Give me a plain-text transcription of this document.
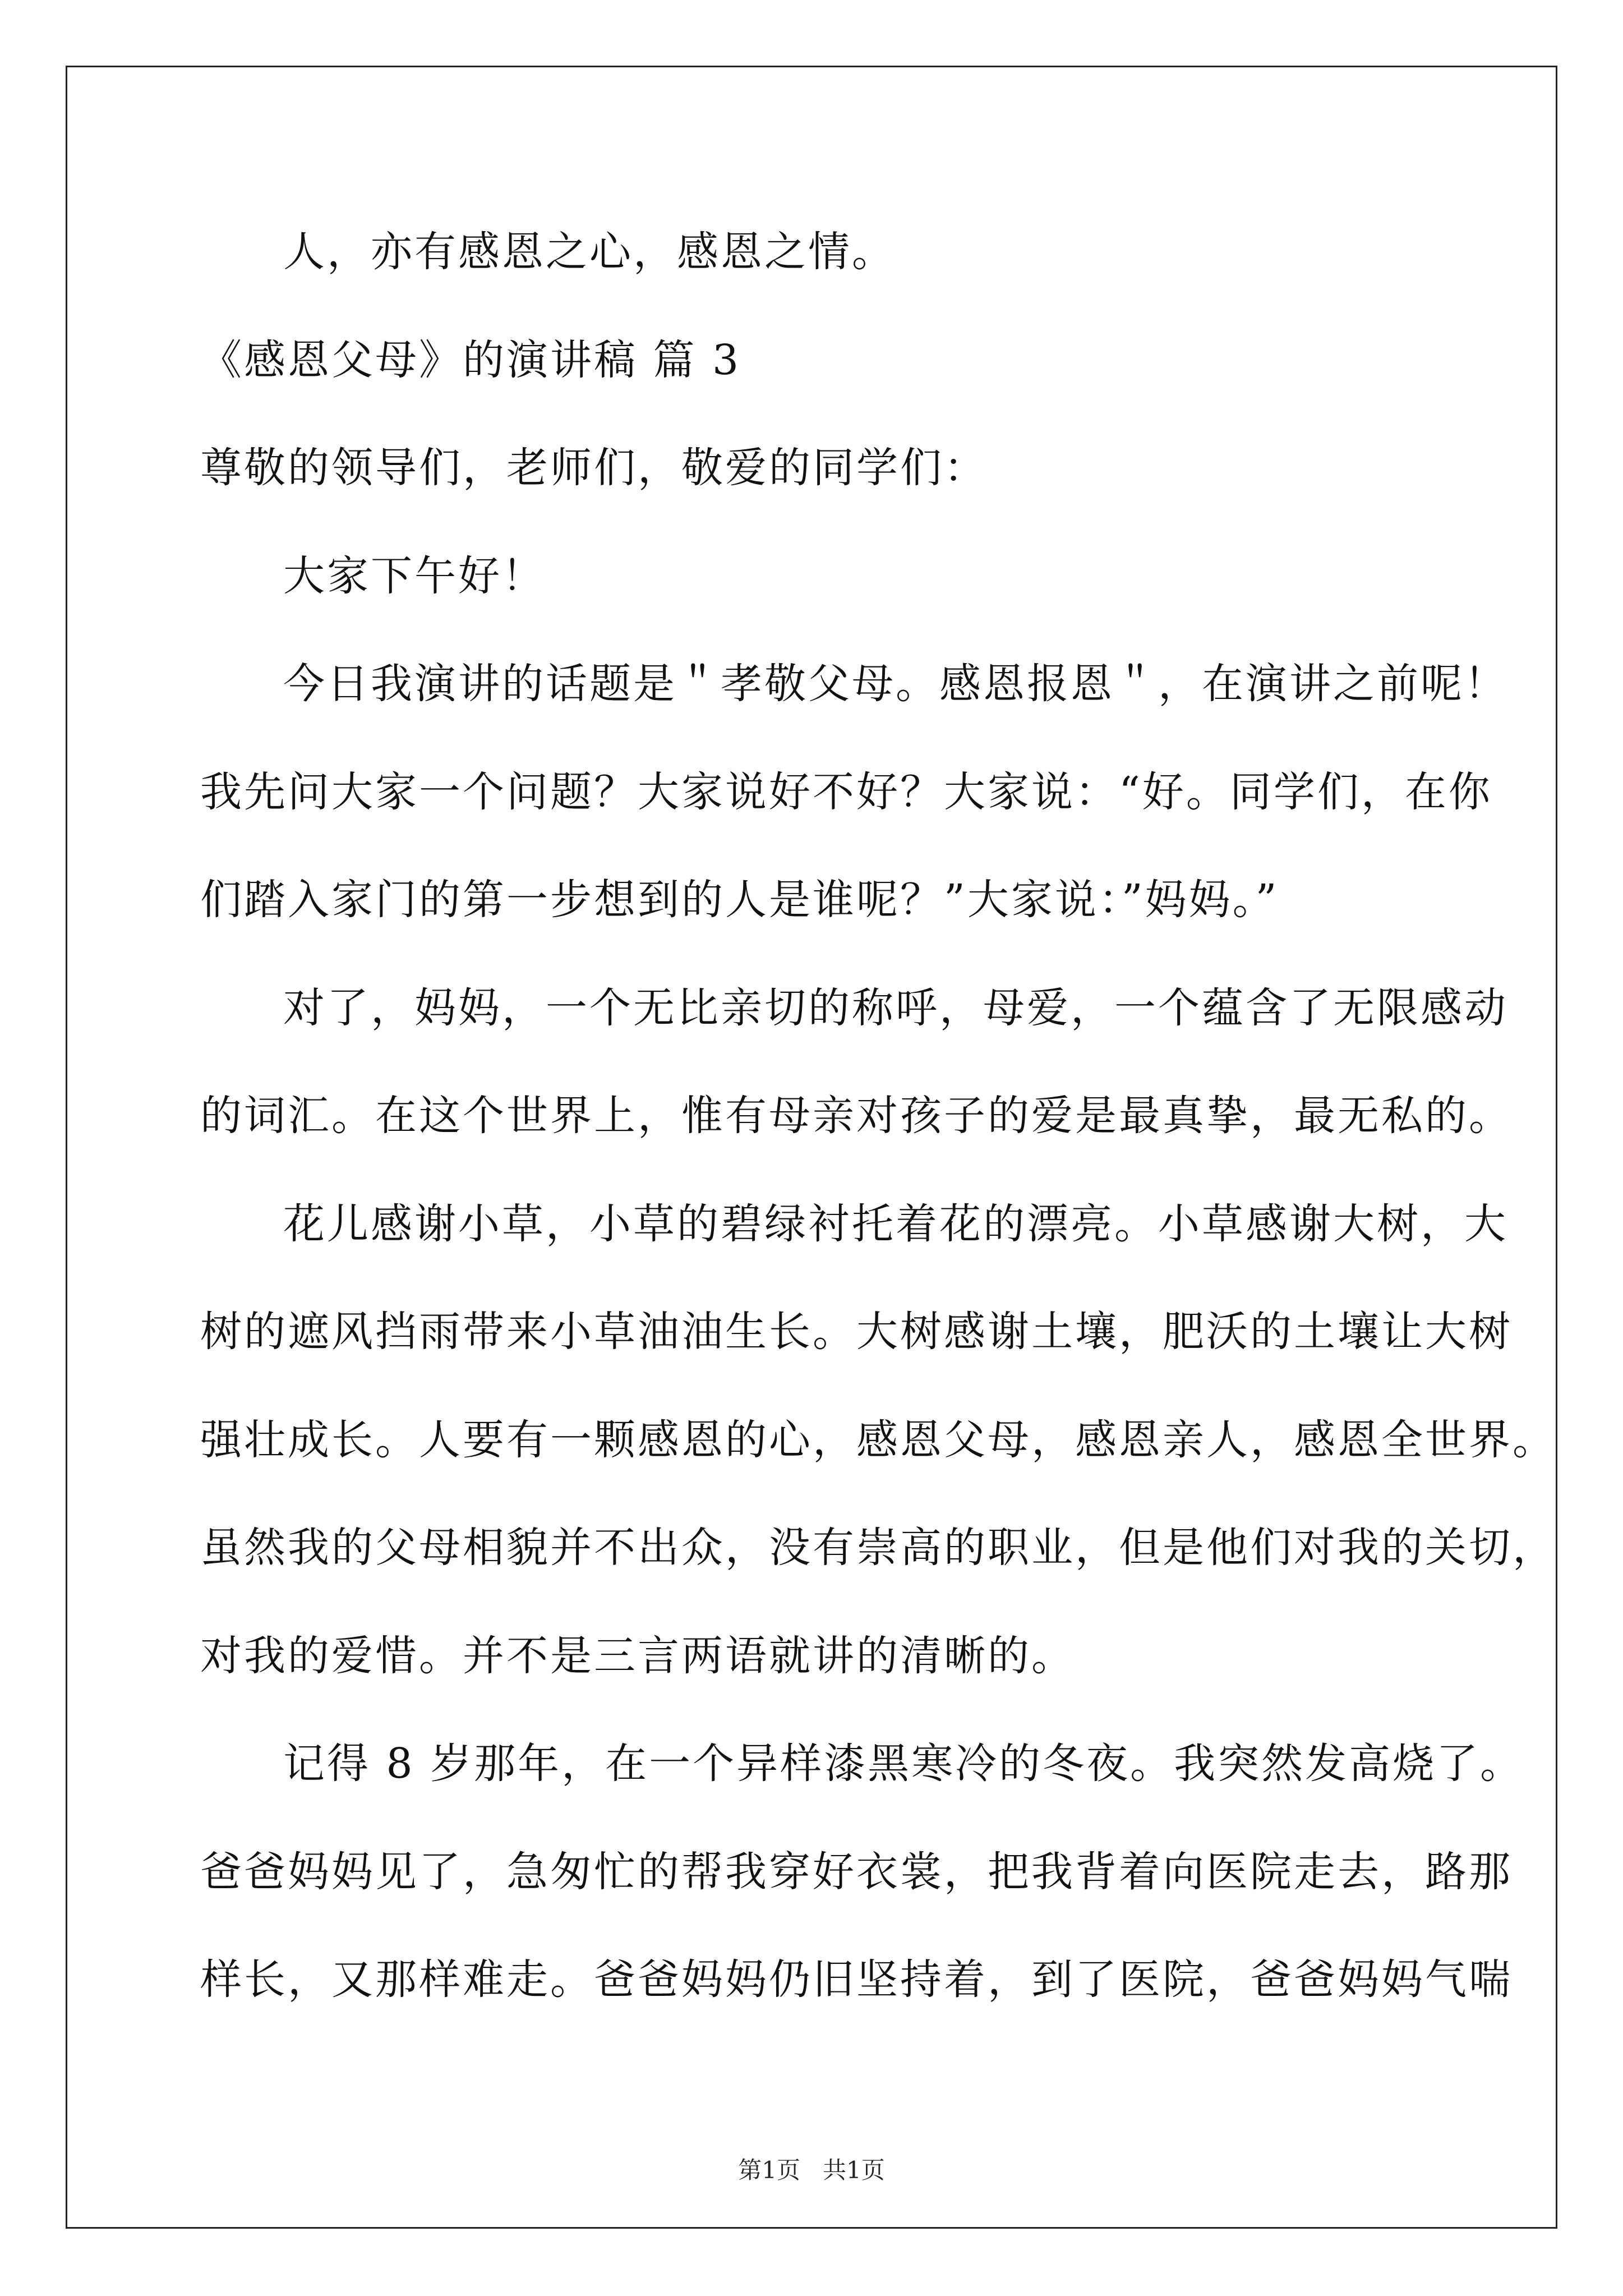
人，亦有感恩之心，感恩之情。
《感恩父母》的演讲稿 篇 3
尊敬的领导们，老师们，敬爱的同学们：
大家下午好！
今日我演讲的话题是＂孝敬父母。感恩报恩＂，在演讲之前呢！
我先问大家一个问题？大家说好不好？大家说：“好。同学们，在你
们踏入家门的第一步想到的人是谁呢？”大家说：”妈妈。”
对了，妈妈，一个无比亲切的称呼，母爱，一个蕴含了无限感动
的词汇。在这个世界上，惟有母亲对孩子的爱是最真挚，最无私的。
花儿感谢小草，小草的碧绿衬托着花的漂亮。小草感谢大树，大
树的遮风挡雨带来小草油油生长。大树感谢土壤，肥沃的土壤让大树
强壮成长。人要有一颗感恩的心，感恩父母，感恩亲人，感恩全世界。
虽然我的父母相貌并不出众，没有崇高的职业，但是他们对我的关切，
对我的爱惜。并不是三言两语就讲的清晰的。
记得 8 岁那年，在一个异样漆黑寒冷的冬夜。我突然发高烧了。
爸爸妈妈见了，急匆忙的帮我穿好衣裳，把我背着向医院走去，路那
样长，又那样难走。爸爸妈妈仍旧坚持着，到了医院，爸爸妈妈气喘
第1页 共1页
